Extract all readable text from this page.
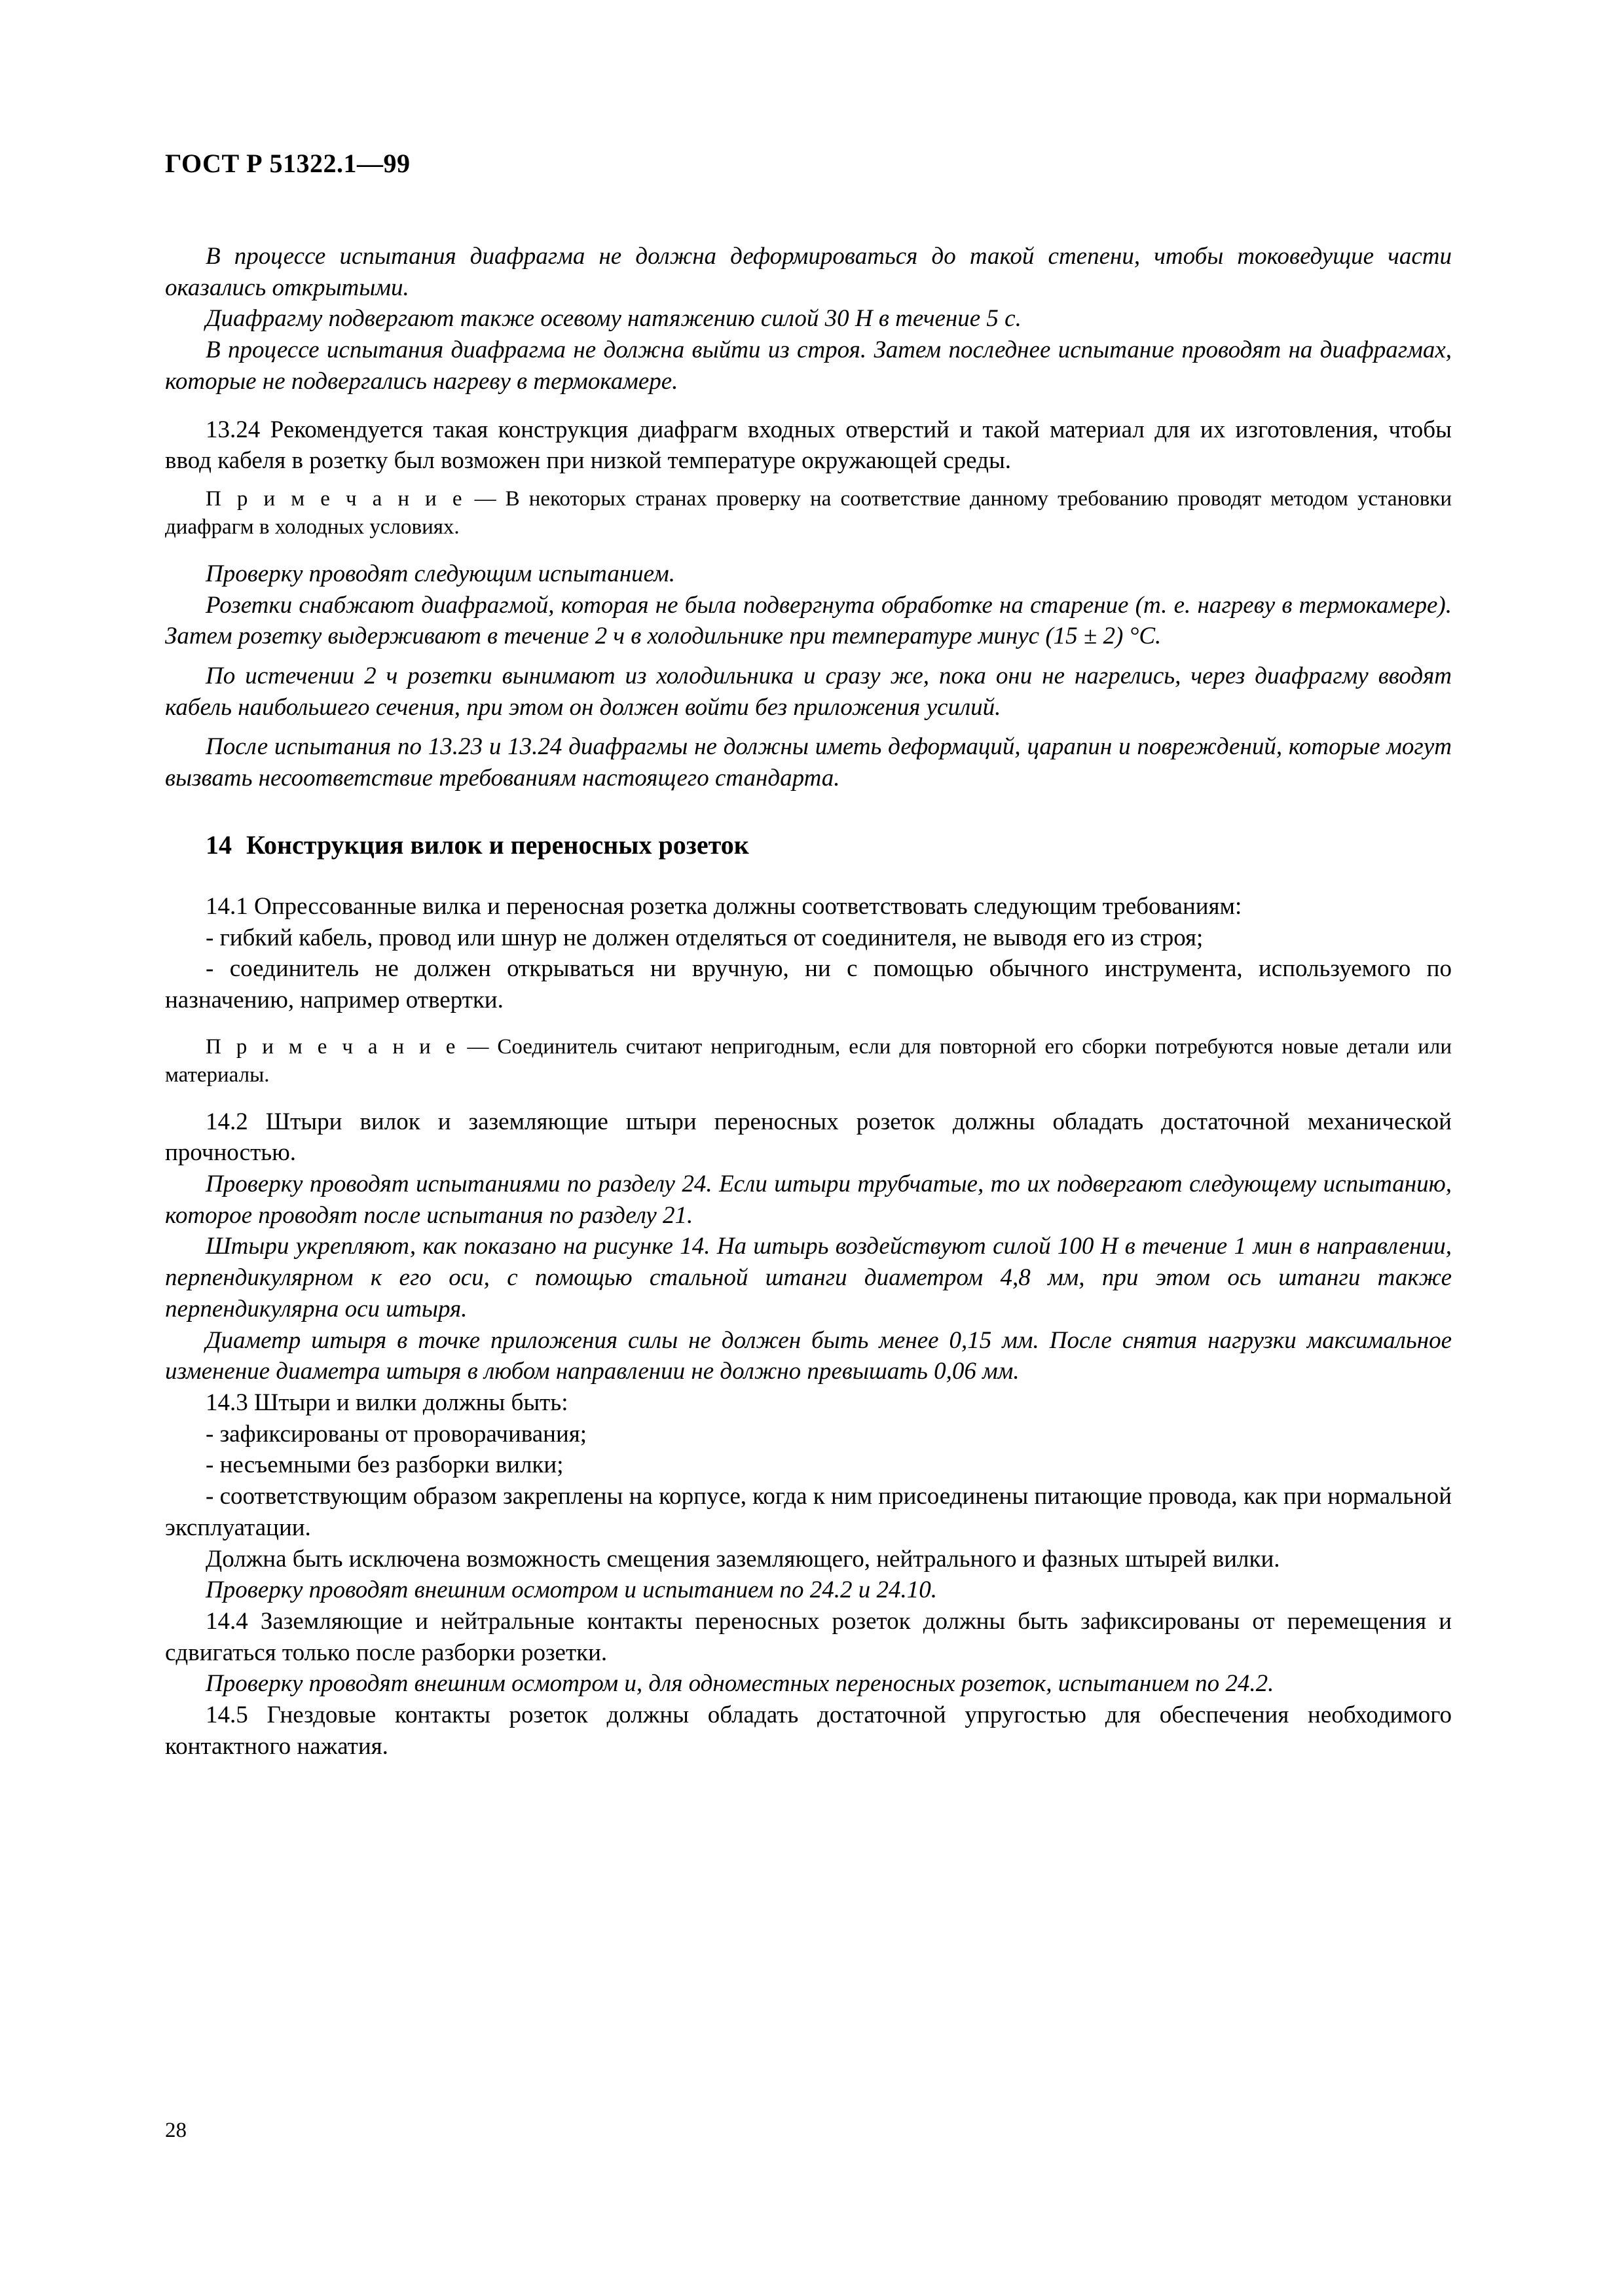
ГОСТ Р 51322.1—99

В процессе испытания диафрагма не должна деформироваться до такой степени, чтобы токоведущие части оказались открытыми.

Диафрагму подвергают также осевому натяжению силой 30 Н в течение 5 с.

В процессе испытания диафрагма не должна выйти из строя. Затем последнее испытание проводят на диафрагмах, которые не подвергались нагреву в термокамере.

13.24 Рекомендуется такая конструкция диафрагм входных отверстий и такой материал для их изготовления, чтобы ввод кабеля в розетку был возможен при низкой температуре окружающей среды.

П р и м е ч а н и е — В некоторых странах проверку на соответствие данному требованию проводят методом установки диафрагм в холодных условиях.

Проверку проводят следующим испытанием.

Розетки снабжают диафрагмой, которая не была подвергнута обработке на старение (т. е. нагреву в термокамере). Затем розетку выдерживают в течение 2 ч в холодильнике при температуре минус (15 ± 2) °С.

По истечении 2 ч розетки вынимают из холодильника и сразу же, пока они не нагрелись, через диафрагму вводят кабель наибольшего сечения, при этом он должен войти без приложения усилий.

После испытания по 13.23 и 13.24 диафрагмы не должны иметь деформаций, царапин и повреждений, которые могут вызвать несоответствие требованиям настоящего стандарта.

14 Конструкция вилок и переносных розеток

14.1 Опрессованные вилка и переносная розетка должны соответствовать следующим требованиям:

- гибкий кабель, провод или шнур не должен отделяться от соединителя, не выводя его из строя;

- соединитель не должен открываться ни вручную, ни с помощью обычного инструмента, используемого по назначению, например отвертки.

П р и м е ч а н и е — Соединитель считают непригодным, если для повторной его сборки потребуются новые детали или материалы.

14.2 Штыри вилок и заземляющие штыри переносных розеток должны обладать достаточной механической прочностью.

Проверку проводят испытаниями по разделу 24. Если штыри трубчатые, то их подвергают следующему испытанию, которое проводят после испытания по разделу 21.

Штыри укрепляют, как показано на рисунке 14. На штырь воздействуют силой 100 Н в течение 1 мин в направлении, перпендикулярном к его оси, с помощью стальной штанги диаметром 4,8 мм, при этом ось штанги также перпендикулярна оси штыря.

Диаметр штыря в точке приложения силы не должен быть менее 0,15 мм. После снятия нагрузки максимальное изменение диаметра штыря в любом направлении не должно превышать 0,06 мм.

14.3 Штыри и вилки должны быть:

- зафиксированы от проворачивания;

- несъемными без разборки вилки;

- соответствующим образом закреплены на корпусе, когда к ним присоединены питающие провода, как при нормальной эксплуатации.

Должна быть исключена возможность смещения заземляющего, нейтрального и фазных штырей вилки.

Проверку проводят внешним осмотром и испытанием по 24.2 и 24.10.

14.4 Заземляющие и нейтральные контакты переносных розеток должны быть зафиксированы от перемещения и сдвигаться только после разборки розетки.

Проверку проводят внешним осмотром и, для одноместных переносных розеток, испытанием по 24.2.

14.5 Гнездовые контакты розеток должны обладать достаточной упругостью для обеспечения необходимого контактного нажатия.

28
